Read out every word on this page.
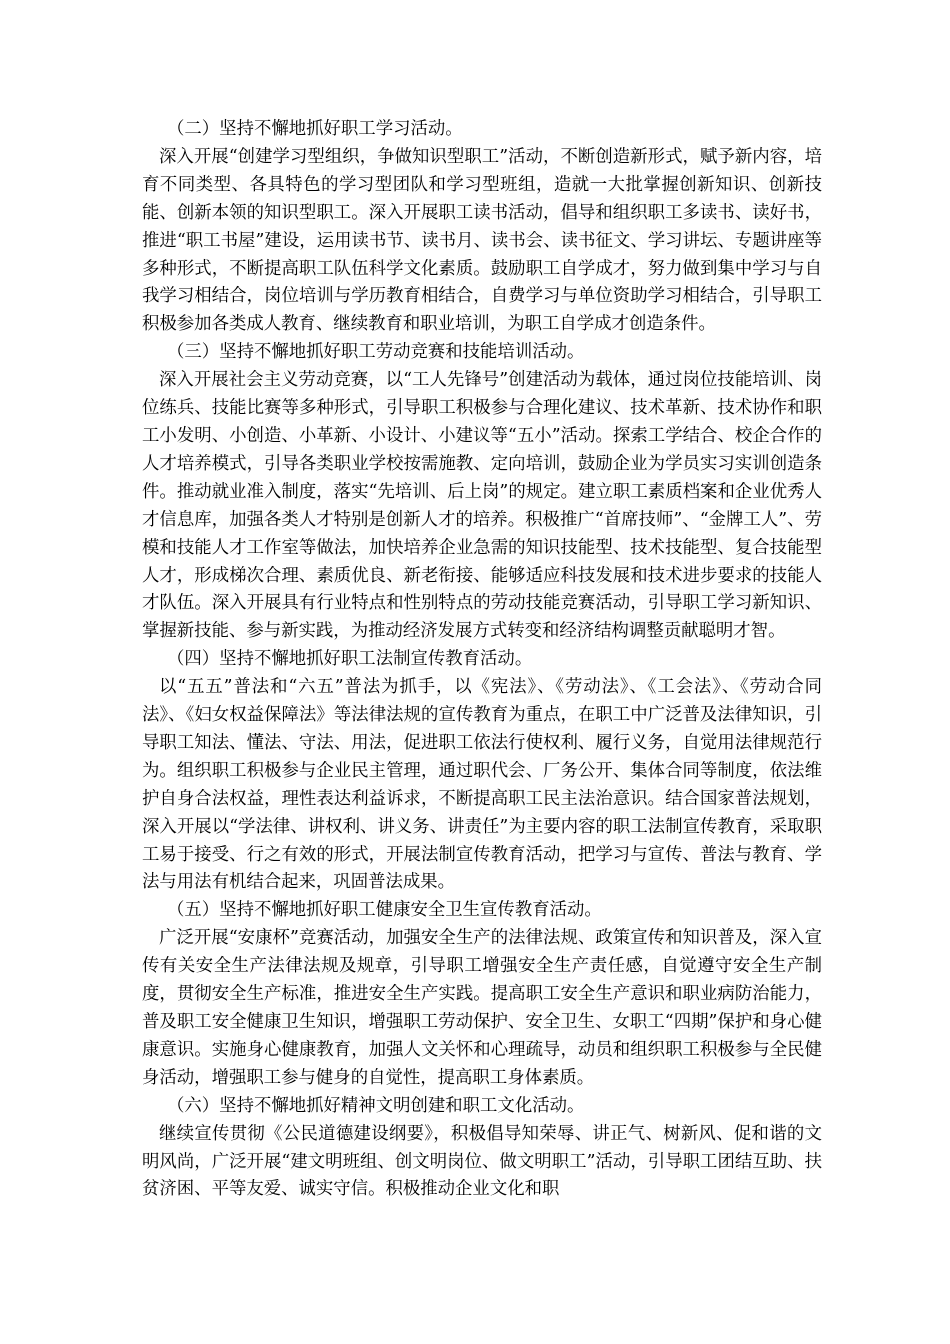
（二）坚持不懈地抓好职工学习活动。

深入开展“创建学习型组织，争做知识型职工”活动，不断创造新形式，赋予新内容，培育不同类型、各具特色的学习型团队和学习型班组，造就一大批掌握创新知识、创新技能、创新本领的知识型职工。深入开展职工读书活动，倡导和组织职工多读书、读好书，推进“职工书屋”建设，运用读书节、读书月、读书会、读书征文、学习讲坛、专题讲座等多种形式，不断提高职工队伍科学文化素质。鼓励职工自学成才，努力做到集中学习与自我学习相结合，岗位培训与学历教育相结合，自费学习与单位资助学习相结合，引导职工积极参加各类成人教育、继续教育和职业培训，为职工自学成才创造条件。

（三）坚持不懈地抓好职工劳动竞赛和技能培训活动。

深入开展社会主义劳动竞赛，以“工人先锋号”创建活动为载体，通过岗位技能培训、岗位练兵、技能比赛等多种形式，引导职工积极参与合理化建议、技术革新、技术协作和职工小发明、小创造、小革新、小设计、小建议等“五小”活动。探索工学结合、校企合作的人才培养模式，引导各类职业学校按需施教、定向培训，鼓励企业为学员实习实训创造条件。推动就业准入制度，落实“先培训、后上岗”的规定。建立职工素质档案和企业优秀人才信息库，加强各类人才特别是创新人才的培养。积极推广“首席技师”、“金牌工人”、劳模和技能人才工作室等做法，加快培养企业急需的知识技能型、技术技能型、复合技能型人才，形成梯次合理、素质优良、新老衔接、能够适应科技发展和技术进步要求的技能人才队伍。深入开展具有行业特点和性别特点的劳动技能竞赛活动，引导职工学习新知识、掌握新技能、参与新实践，为推动经济发展方式转变和经济结构调整贡献聪明才智。

（四）坚持不懈地抓好职工法制宣传教育活动。

以“五五”普法和“六五”普法为抓手，以《宪法》、《劳动法》、《工会法》、《劳动合同法》、《妇女权益保障法》等法律法规的宣传教育为重点，在职工中广泛普及法律知识，引导职工知法、懂法、守法、用法，促进职工依法行使权利、履行义务，自觉用法律规范行为。组织职工积极参与企业民主管理，通过职代会、厂务公开、集体合同等制度，依法维护自身合法权益，理性表达利益诉求，不断提高职工民主法治意识。结合国家普法规划，深入开展以“学法律、讲权利、讲义务、讲责任”为主要内容的职工法制宣传教育，采取职工易于接受、行之有效的形式，开展法制宣传教育活动，把学习与宣传、普法与教育、学法与用法有机结合起来，巩固普法成果。

（五）坚持不懈地抓好职工健康安全卫生宣传教育活动。

广泛开展“安康杯”竞赛活动，加强安全生产的法律法规、政策宣传和知识普及，深入宣传有关安全生产法律法规及规章，引导职工增强安全生产责任感，自觉遵守安全生产制度，贯彻安全生产标准，推进安全生产实践。提高职工安全生产意识和职业病防治能力，普及职工安全健康卫生知识，增强职工劳动保护、安全卫生、女职工“四期”保护和身心健康意识。实施身心健康教育，加强人文关怀和心理疏导，动员和组织职工积极参与全民健身活动，增强职工参与健身的自觉性，提高职工身体素质。

（六）坚持不懈地抓好精神文明创建和职工文化活动。

继续宣传贯彻《公民道德建设纲要》，积极倡导知荣辱、讲正气、树新风、促和谐的文明风尚，广泛开展“建文明班组、创文明岗位、做文明职工”活动，引导职工团结互助、扶贫济困、平等友爱、诚实守信。积极推动企业文化和职
